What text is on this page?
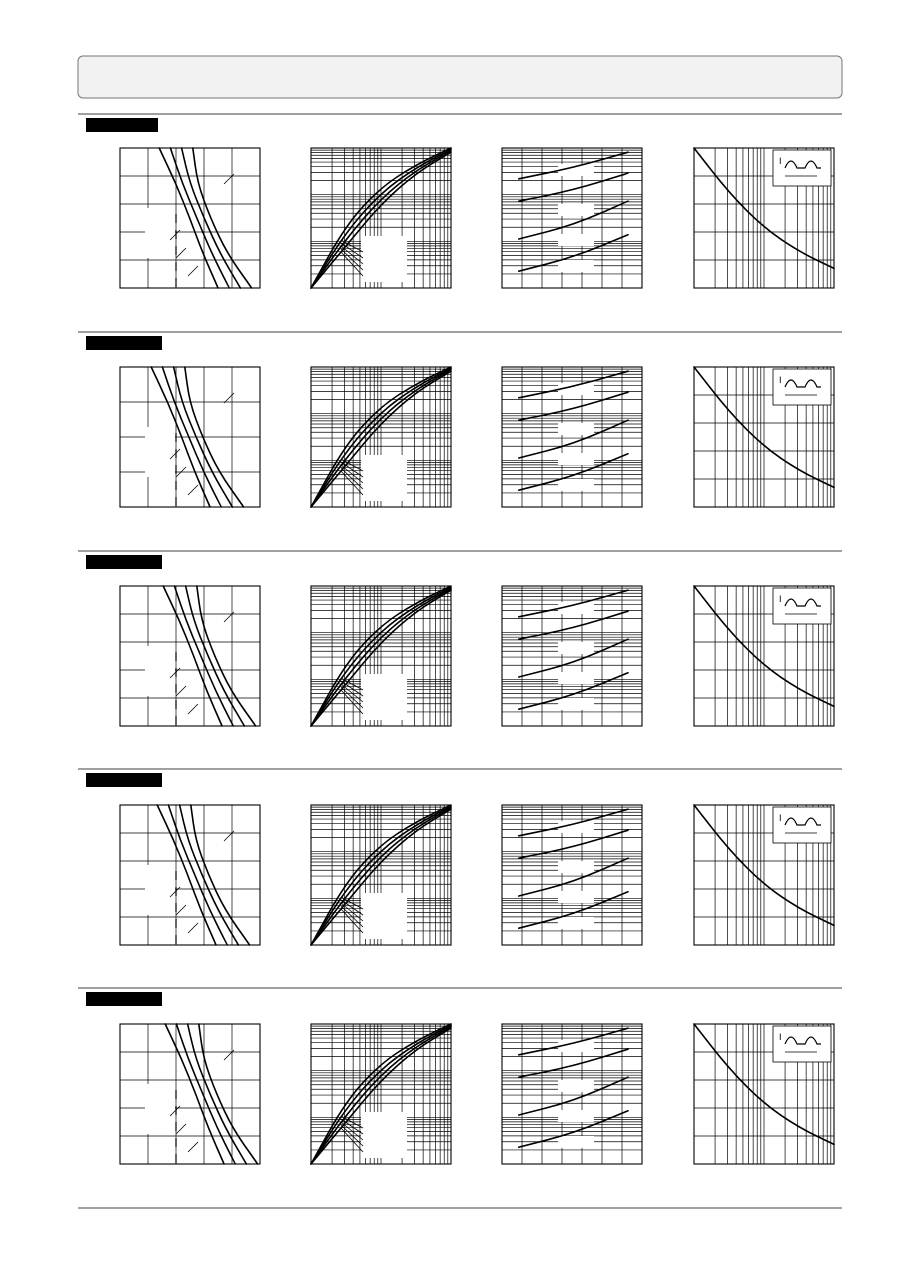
I
I
I
I
I
